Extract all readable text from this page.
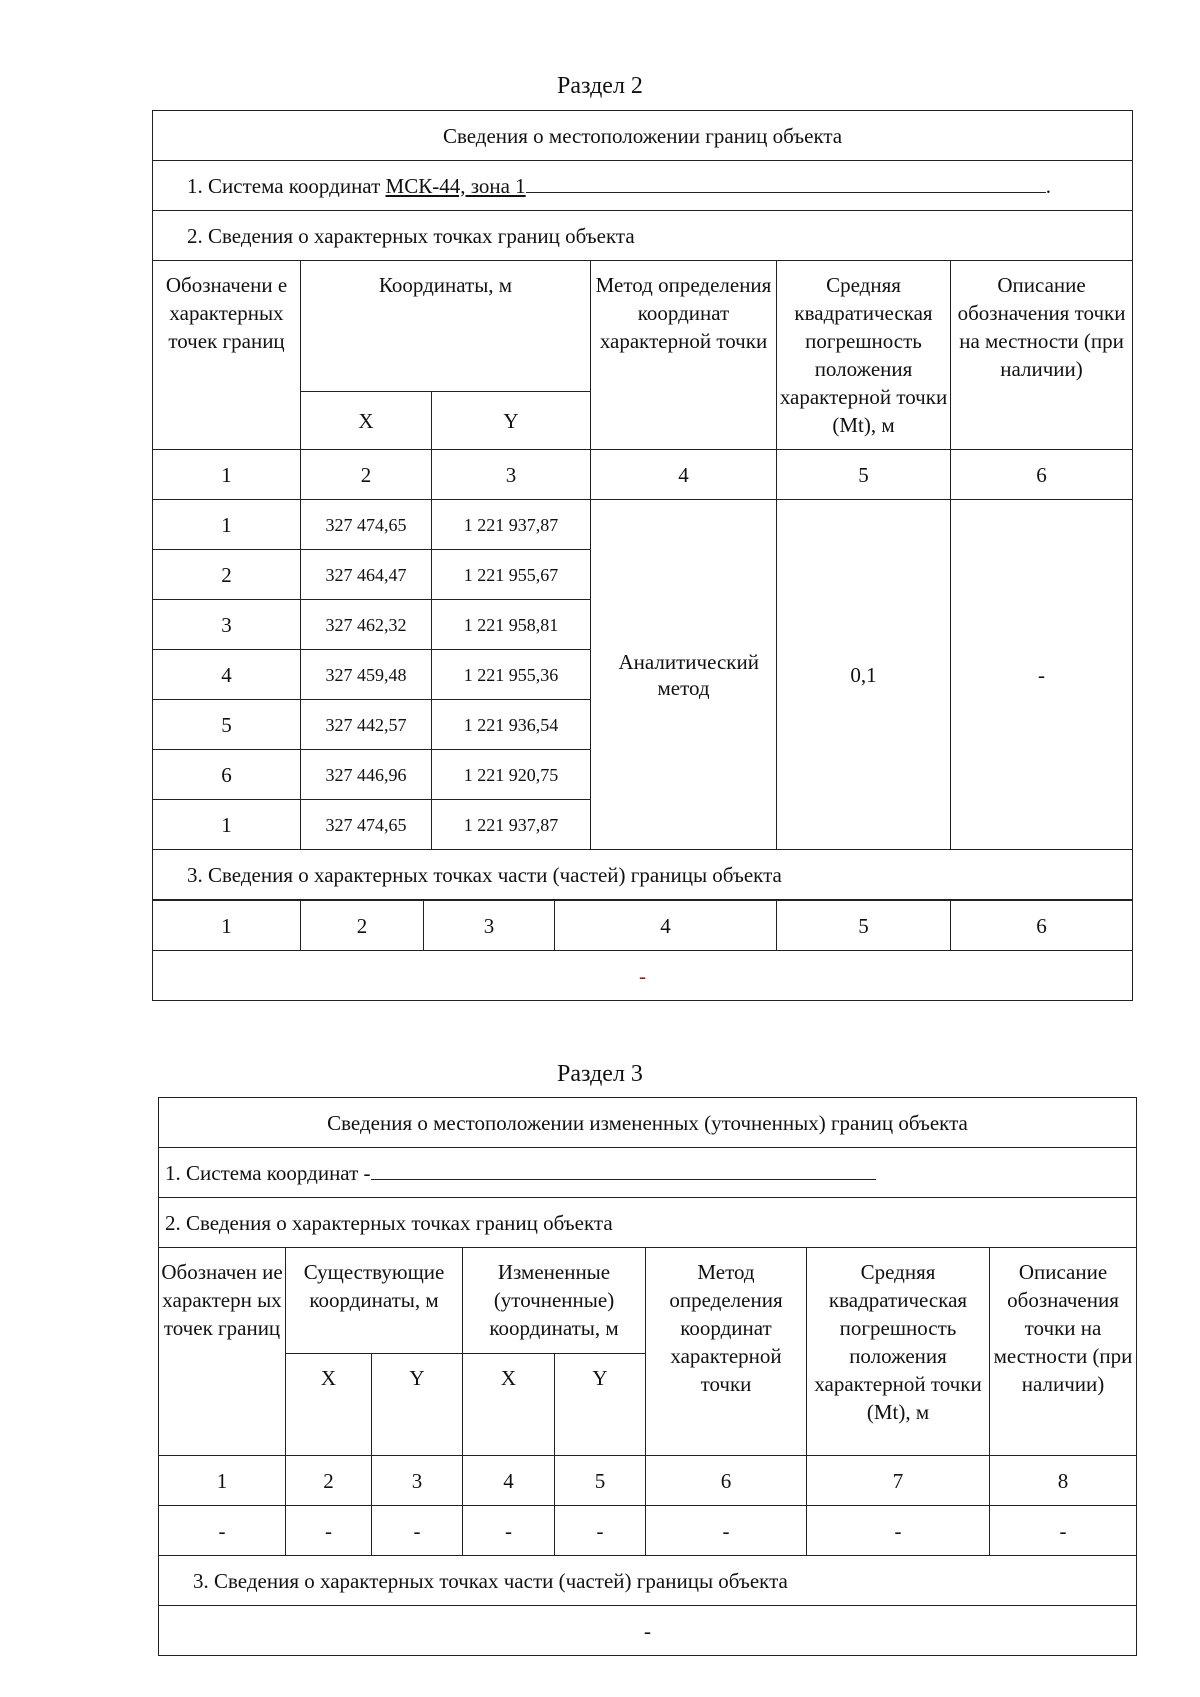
Раздел 2
Сведения о местоположении границ объекта					
1. Система координат МСК-44, зона 1 .					
2. Сведения о характерных точках границ объекта					
Обозначени е характерных точек границ	Координаты, м		Метод определения координат характерной точки	Средняя квадратическая погрешность положения характерной точки (Mt), м	Описание обозначения точки на местности (при наличии)
	X	Y			
1	2	3	4	5	6
1	327 474,65	1 221 937,87	Аналитический метод	0,1	-
2	327 464,47	1 221 955,67			
3	327 462,32	1 221 958,81			
4	327 459,48	1 221 955,36			
5	327 442,57	1 221 936,54			
6	327 446,96	1 221 920,75			
1	327 474,65	1 221 937,87			
3. Сведения о характерных точках части (частей) границы объекта					
1	2	3	4	5	6
-
Раздел 3
Сведения о местоположении измененных (уточненных) границ объекта							
1. Система координат -							
2. Сведения о характерных точках границ объекта							
Обозначен ие характерн ых точек границ	Существующие координаты, м		Измененные (уточненные) координаты, м		Метод определения координат характерной точки	Средняя квадратическая погрешность положения характерной точки (Mt), м	Описание обозначения точки на местности (при наличии)
	X	Y	X	Y			
1	2	3	4	5	6	7	8
-	-	-	-	-	-	-	-
3. Сведения о характерных точках части (частей) границы объекта							
-							
